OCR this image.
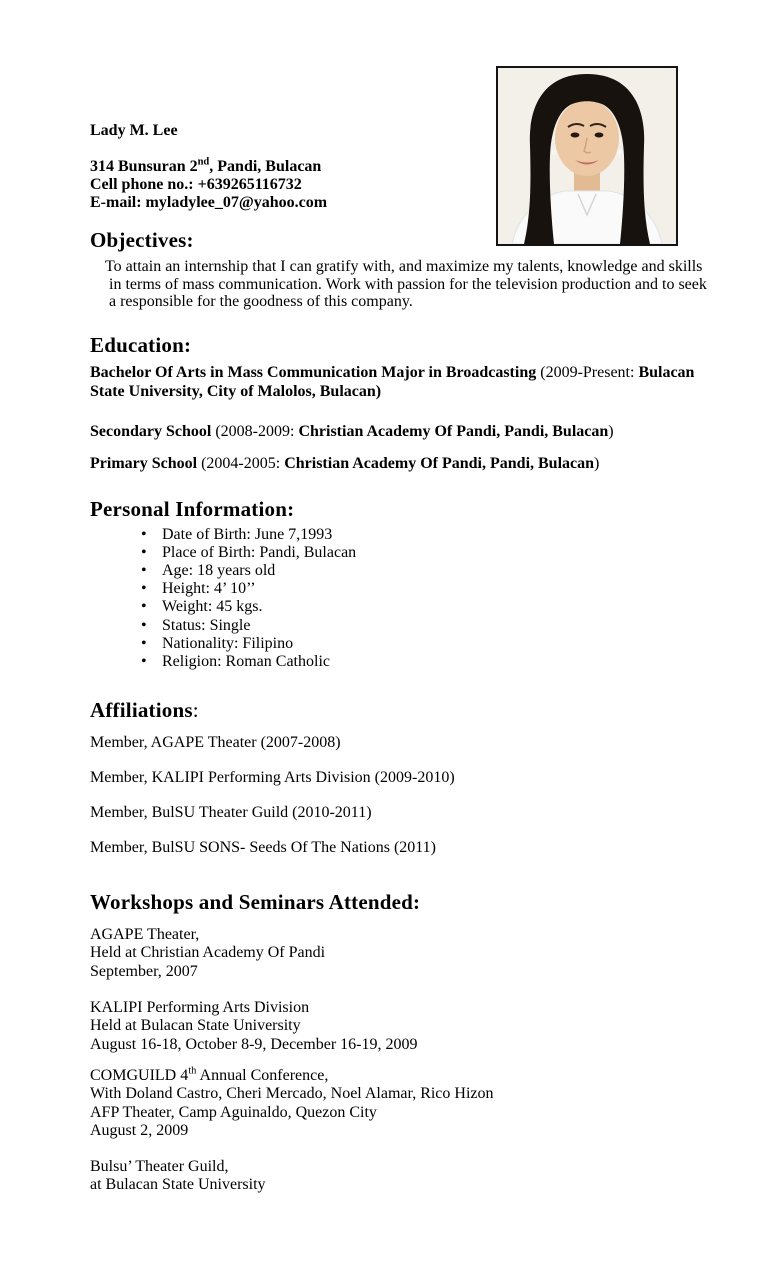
Lady M. Lee
314 Bunsuran 2nd, Pandi, Bulacan
Cell phone no.: +639265116732
E-mail: myladylee_07@yahoo.com
Objectives:
To attain an internship that I can gratify with, and maximize my talents, knowledge and skills
in terms of mass communication. Work with passion for the television production and to seek
a responsible for the goodness of this company.
Education:
Bachelor Of Arts in Mass Communication Major in Broadcasting (2009-Present: Bulacan
State University, City of Malolos, Bulacan)
Secondary School (2008-2009: Christian Academy Of Pandi, Pandi, Bulacan)
Primary School (2004-2005: Christian Academy Of Pandi, Pandi, Bulacan)
Personal Information:
• Date of Birth: June 7,1993
• Place of Birth: Pandi, Bulacan
• Age: 18 years old
• Height: 4’ 10’’
• Weight: 45 kgs.
• Status: Single
• Nationality: Filipino
• Religion: Roman Catholic
Affiliations:
Member, AGAPE Theater (2007-2008)
Member, KALIPI Performing Arts Division (2009-2010)
Member, BulSU Theater Guild (2010-2011)
Member, BulSU SONS- Seeds Of The Nations (2011)
Workshops and Seminars Attended:
AGAPE Theater,
Held at Christian Academy Of Pandi
September, 2007
KALIPI Performing Arts Division
Held at Bulacan State University
August 16-18, October 8-9, December 16-19, 2009
COMGUILD 4th Annual Conference,
With Doland Castro, Cheri Mercado, Noel Alamar, Rico Hizon
AFP Theater, Camp Aguinaldo, Quezon City
August 2, 2009
Bulsu’ Theater Guild,
at Bulacan State University
